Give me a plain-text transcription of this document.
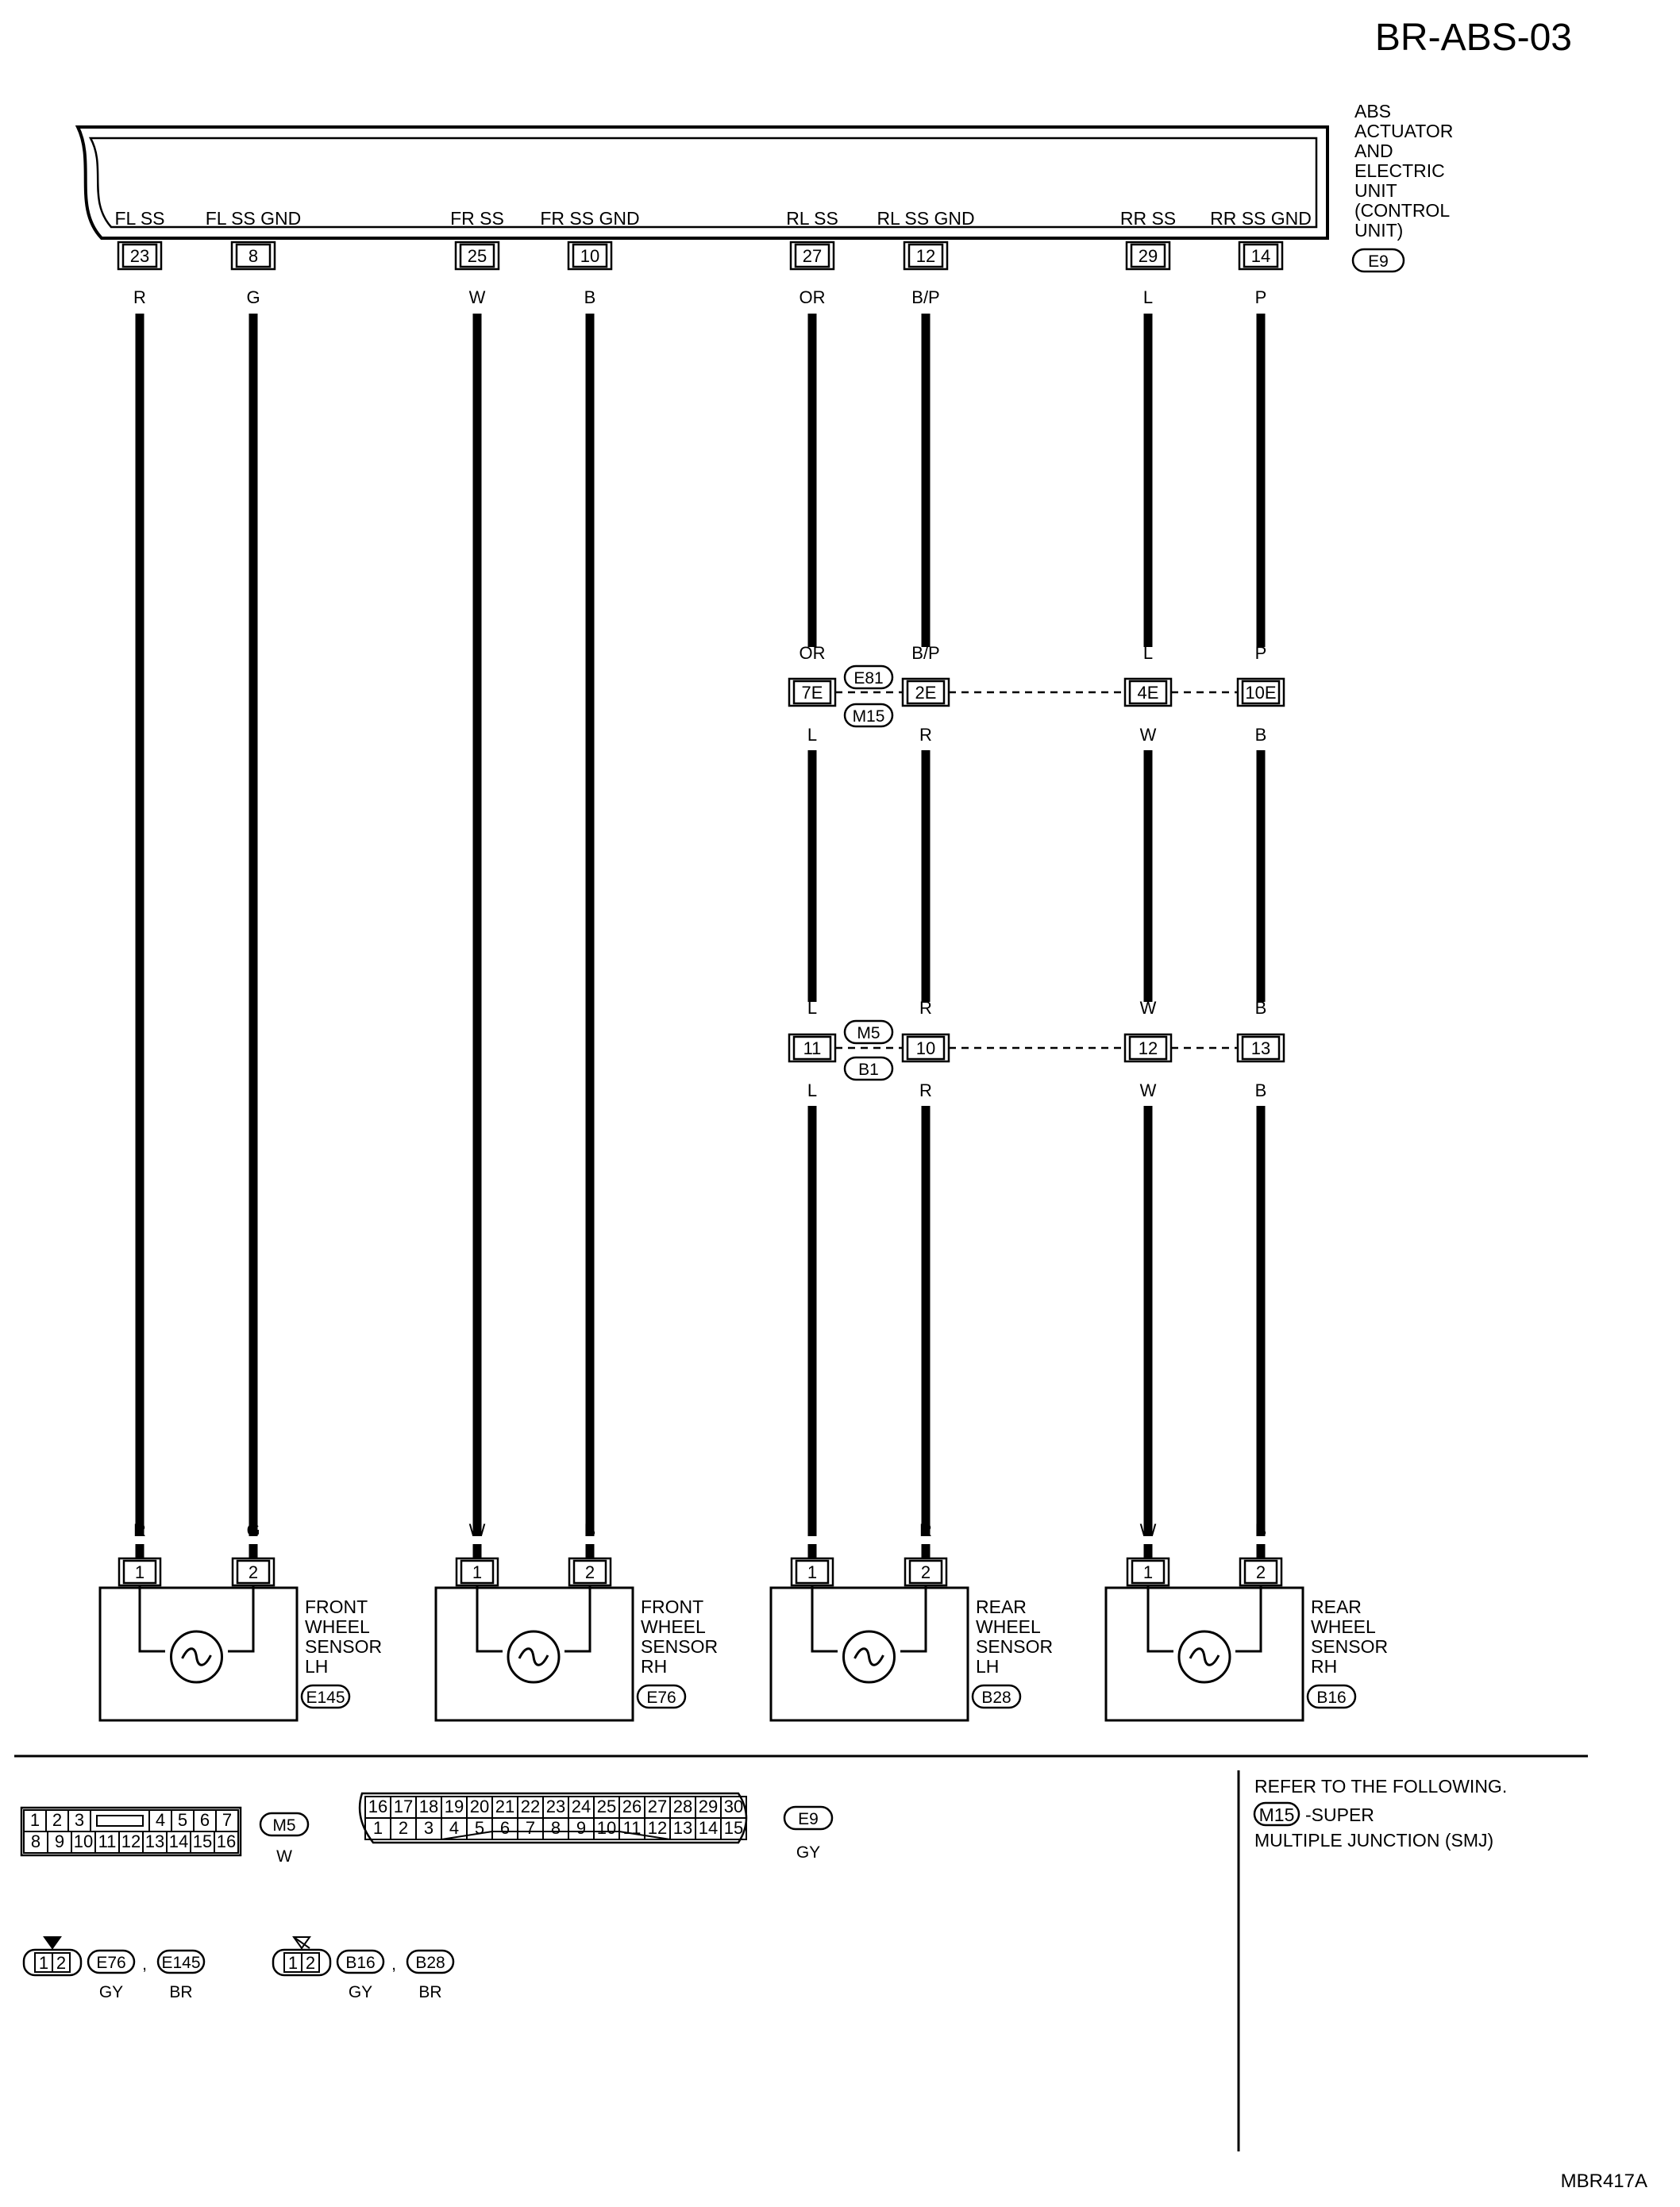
BR-ABS-03
ABS
ACTUATOR
AND
ELECTRIC
UNIT
(CONTROL
UNIT)
E9
FL SS
23
R
FL SS GND
8
G
FR SS
25
W
FR SS GND
10
B
RL SS
27
OR
RL SS GND
12
B/P
RR SS
29
L
RR SS GND
14
P
OR
7E
L
B/P
2E
R
L
4E
W
P
10E
B
E81
M15
L
11
L
R
10
R
W
12
W
B
13
B
M5
B1
R	G
1	2
FRONT
WHEEL
SENSOR
LH
E145
W	B
1	2
FRONT
WHEEL
SENSOR
RH
E76
L	R
1	2
REAR
WHEEL
SENSOR
LH
B28
W	B
1	2
REAR
WHEEL
SENSOR
RH
B16
1 2 3	4 5 6 7
8 9 10 11 12 13 14 15 16
M5
W
16 17 18 19 20 21 22 23 24 25 26 27 28 29 30
1 2 3 4 5 6 7 8 9 10 11 12 13 14 15	E9
GY
1 2 E76
GY
, E145
BR
1 2 B16
GY
, B28
BR
REFER TO THE FOLLOWING.
M15 -SUPER
MULTIPLE JUNCTION (SMJ)
MBR417A
